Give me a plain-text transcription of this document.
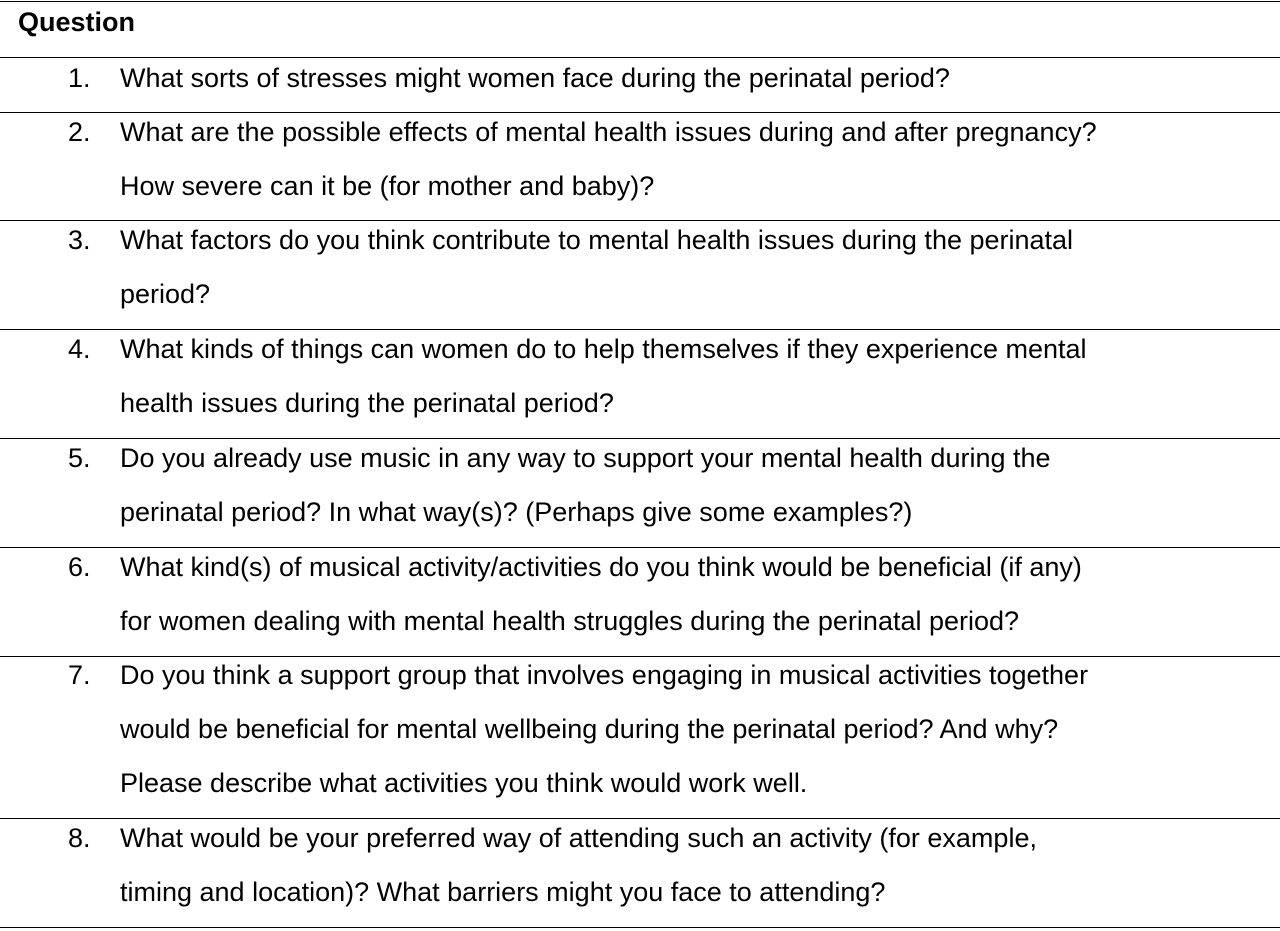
Question
1. What sorts of stresses might women face during the perinatal period?
2. What are the possible effects of mental health issues during and after pregnancy?
How severe can it be (for mother and baby)?
3. What factors do you think contribute to mental health issues during the perinatal
period?
4. What kinds of things can women do to help themselves if they experience mental
health issues during the perinatal period?
5. Do you already use music in any way to support your mental health during the
perinatal period? In what way(s)? (Perhaps give some examples?)
6. What kind(s) of musical activity/activities do you think would be beneficial (if any)
for women dealing with mental health struggles during the perinatal period?
7. Do you think a support group that involves engaging in musical activities together
would be beneficial for mental wellbeing during the perinatal period? And why?
Please describe what activities you think would work well.
8. What would be your preferred way of attending such an activity (for example,
timing and location)? What barriers might you face to attending?
